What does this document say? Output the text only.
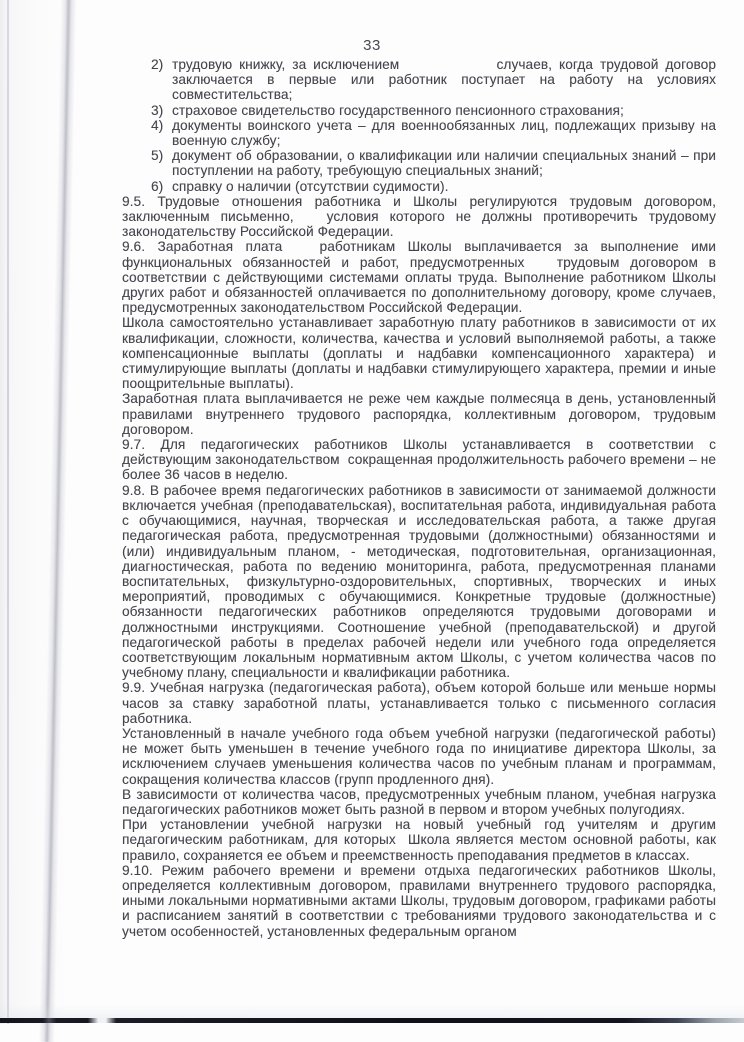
33
2) трудовую книжку, за исключением              случаев, когда трудовой договор заключается в первые или работник поступает на работу на условиях совместительства;
3) страховое свидетельство государственного пенсионного страхования;
4) документы воинского учета – для военнообязанных лиц, подлежащих призыву на военную службу;
5) документ об образовании, о квалификации или наличии специальных знаний – при поступлении на работу, требующую специальных знаний;
6) справку о наличии (отсутствии судимости).

9.5. Трудовые отношения работника и Школы регулируются трудовым договором, заключенным письменно,   условия которого не должны противоречить трудовому законодательству Российской Федерации.

9.6. Заработная плата   работникам Школы выплачивается за выполнение ими функциональных обязанностей и работ, предусмотренных   трудовым договором в соответствии с действующими системами оплаты труда. Выполнение работником Школы других работ и обязанностей оплачивается по дополнительному договору, кроме случаев, предусмотренных законодательством Российской Федерации.

Школа самостоятельно устанавливает заработную плату работников в зависимости от их квалификации, сложности, количества, качества и условий выполняемой работы, а также компенсационные выплаты (доплаты и надбавки компенсационного характера) и стимулирующие выплаты (доплаты и надбавки стимулирующего характера, премии и иные поощрительные выплаты).

Заработная плата выплачивается не реже чем каждые полмесяца в день, установленный правилами внутреннего трудового распорядка, коллективным договором, трудовым договором.

9.7. Для педагогических работников Школы устанавливается в соответствии с действующим законодательством  сокращенная продолжительность рабочего времени – не более 36 часов в неделю.

9.8. В рабочее время педагогических работников в зависимости от занимаемой должности включается учебная (преподавательская), воспитательная работа, индивидуальная работа с обучающимися, научная, творческая и исследовательская работа, а также другая педагогическая работа, предусмотренная трудовыми (должностными) обязанностями и (или) индивидуальным планом, - методическая, подготовительная, организационная, диагностическая, работа по ведению мониторинга, работа, предусмотренная планами воспитательных, физкультурно-оздоровительных, спортивных, творческих и иных мероприятий, проводимых с обучающимися. Конкретные трудовые (должностные) обязанности педагогических работников определяются трудовыми договорами и должностными инструкциями. Соотношение учебной (преподавательской) и другой педагогической работы в пределах рабочей недели или учебного года определяется соответствующим локальным нормативным актом Школы, с учетом количества часов по учебному плану, специальности и квалификации работника.

9.9. Учебная нагрузка (педагогическая работа), объем которой больше или меньше нормы часов за ставку заработной платы, устанавливается только с письменного согласия работника.

Установленный в начале учебного года объем учебной нагрузки (педагогической работы) не может быть уменьшен в течение учебного года по инициативе директора Школы, за исключением случаев уменьшения количества часов по учебным планам и программам, сокращения количества классов (групп продленного дня).

В зависимости от количества часов, предусмотренных учебным планом, учебная нагрузка педагогических работников может быть разной в первом и втором учебных полугодиях.

При установлении учебной нагрузки на новый учебный год учителям и другим педагогическим работникам, для которых  Школа является местом основной работы, как правило, сохраняется ее объем и преемственность преподавания предметов в классах.

9.10. Режим рабочего времени и времени отдыха педагогических работников Школы, определяется коллективным договором, правилами внутреннего трудового распорядка, иными локальными нормативными актами Школы, трудовым договором, графиками работы и расписанием занятий в соответствии с требованиями трудового законодательства и с учетом особенностей, установленных федеральным органом
